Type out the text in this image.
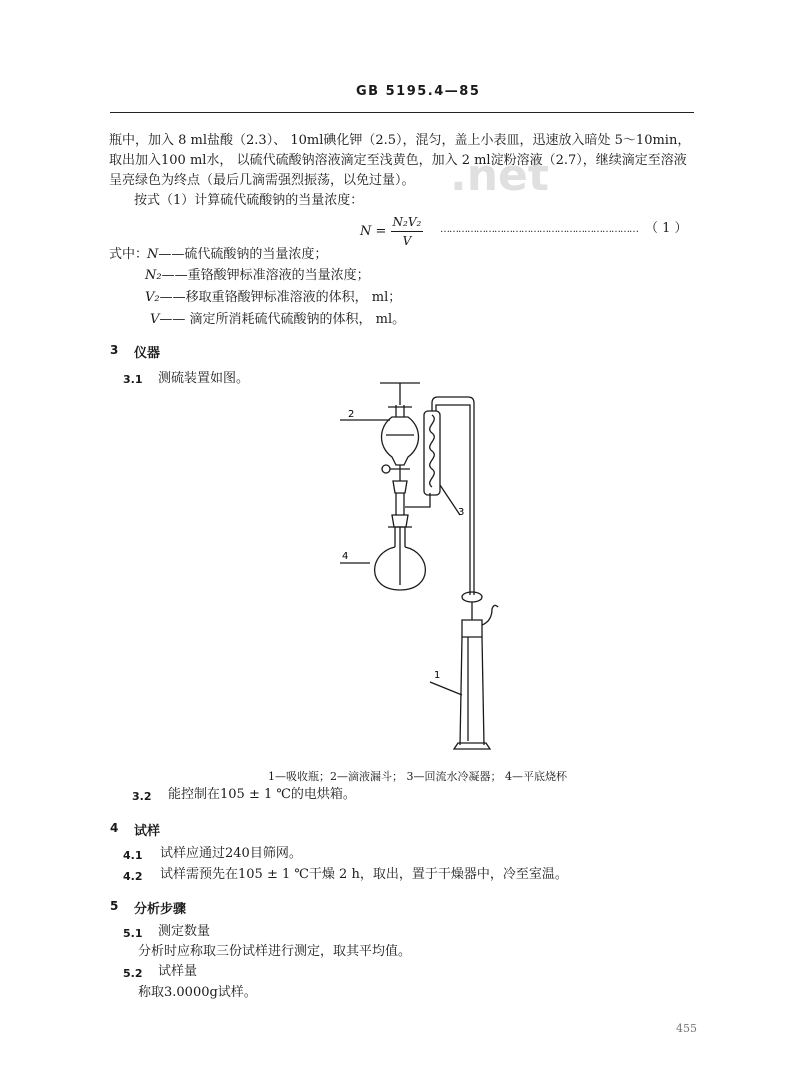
GB 5195.4—85
.net
瓶中，加入 8 ml盐酸（2.3）、 10ml碘化钾（2.5），混匀，盖上小表皿，迅速放入暗处 5～10min，
取出加入100 ml水， 以硫代硫酸钠溶液滴定至浅黄色，加入 2 ml淀粉溶液（2.7），继续滴定至溶液
呈亮绿色为终点（最后几滴需强烈振荡，以免过量）。
按式（1）计算硫代硫酸钠的当量浓度：
$N = \frac{\text{N₂V₂}}{V}$ ………………………………………………………… （ 1 ）
式中：
N——硫代硫酸钠的当量浓度；
N₂——重铬酸钾标准溶液的当量浓度；
V₂——移取重铬酸钾标准溶液的体积， ml；
V—— 滴定所消耗硫代硫酸钠的体积， ml。
3 仪器
3.1 测硫装置如图。
2
4
3
1
1—吸收瓶；2—滴液漏斗； 3—回流水冷凝器； 4—平底烧杯
3.2 能控制在105 ± 1 ℃的电烘箱。
4 试样
4.1 试样应通过240目筛网。
4.2 试样需预先在105 ± 1 ℃干燥 2 h，取出，置于干燥器中，冷至室温。
5 分析步骤
5.1 测定数量
分析时应称取三份试样进行测定，取其平均值。
5.2 试样量
称取3.0000g试样。
455
